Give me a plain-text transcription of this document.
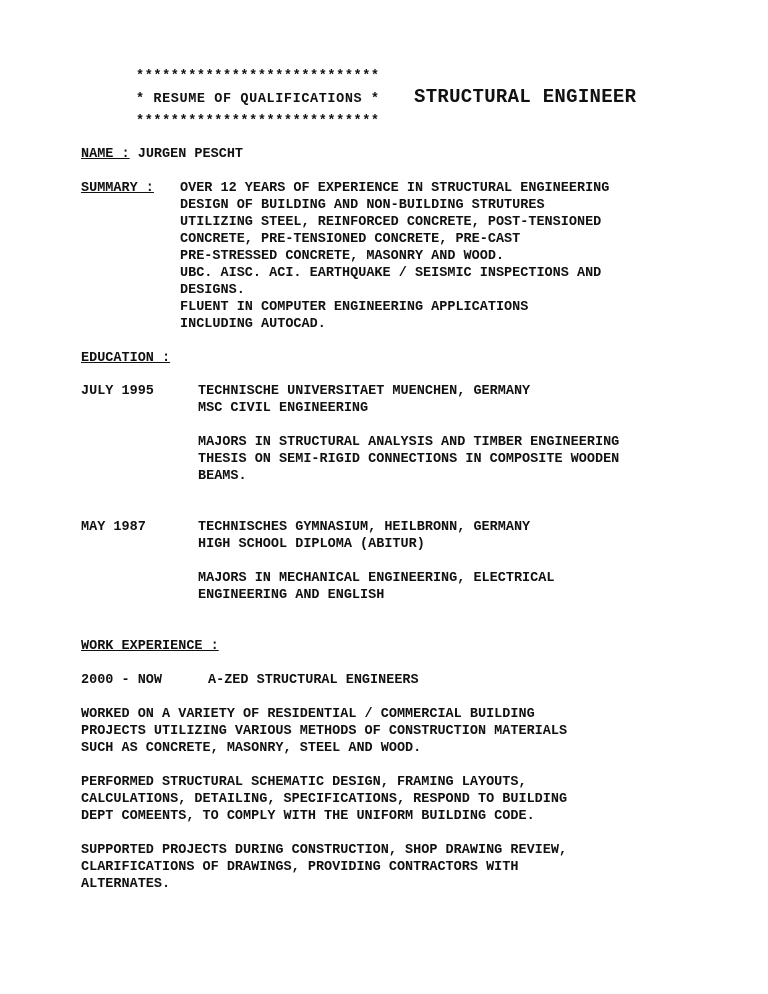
****************************
* RESUME OF QUALIFICATIONS *
****************************
STRUCTURAL ENGINEER
NAME : JURGEN PESCHT
SUMMARY : OVER 12 YEARS OF EXPERIENCE IN STRUCTURAL ENGINEERING
DESIGN OF BUILDING AND NON-BUILDING STRUTURES
UTILIZING STEEL, REINFORCED CONCRETE, POST-TENSIONED
CONCRETE, PRE-TENSIONED CONCRETE, PRE-CAST
PRE-STRESSED CONCRETE, MASONRY AND WOOD.
UBC. AISC. ACI. EARTHQUAKE / SEISMIC INSPECTIONS AND
DESIGNS.
FLUENT IN COMPUTER ENGINEERING APPLICATIONS
INCLUDING AUTOCAD.
EDUCATION :
JULY 1995	TECHNISCHE UNIVERSITAET MUENCHEN, GERMANY
MSC CIVIL ENGINEERING
MAJORS IN STRUCTURAL ANALYSIS AND TIMBER ENGINEERING
THESIS ON SEMI-RIGID CONNECTIONS IN COMPOSITE WOODEN
BEAMS.
MAY 1987	TECHNISCHES GYMNASIUM, HEILBRONN, GERMANY
HIGH SCHOOL DIPLOMA (ABITUR)
MAJORS IN MECHANICAL ENGINEERING, ELECTRICAL
ENGINEERING AND ENGLISH
WORK EXPERIENCE :
2000 - NOW	A-ZED STRUCTURAL ENGINEERS
WORKED ON A VARIETY OF RESIDENTIAL / COMMERCIAL BUILDING
PROJECTS UTILIZING VARIOUS METHODS OF CONSTRUCTION MATERIALS
SUCH AS CONCRETE, MASONRY, STEEL AND WOOD.
PERFORMED STRUCTURAL SCHEMATIC DESIGN, FRAMING LAYOUTS,
CALCULATIONS, DETAILING, SPECIFICATIONS, RESPOND TO BUILDING
DEPT COMEENTS, TO COMPLY WITH THE UNIFORM BUILDING CODE.
SUPPORTED PROJECTS DURING CONSTRUCTION, SHOP DRAWING REVIEW,
CLARIFICATIONS OF DRAWINGS, PROVIDING CONTRACTORS WITH
ALTERNATES.
